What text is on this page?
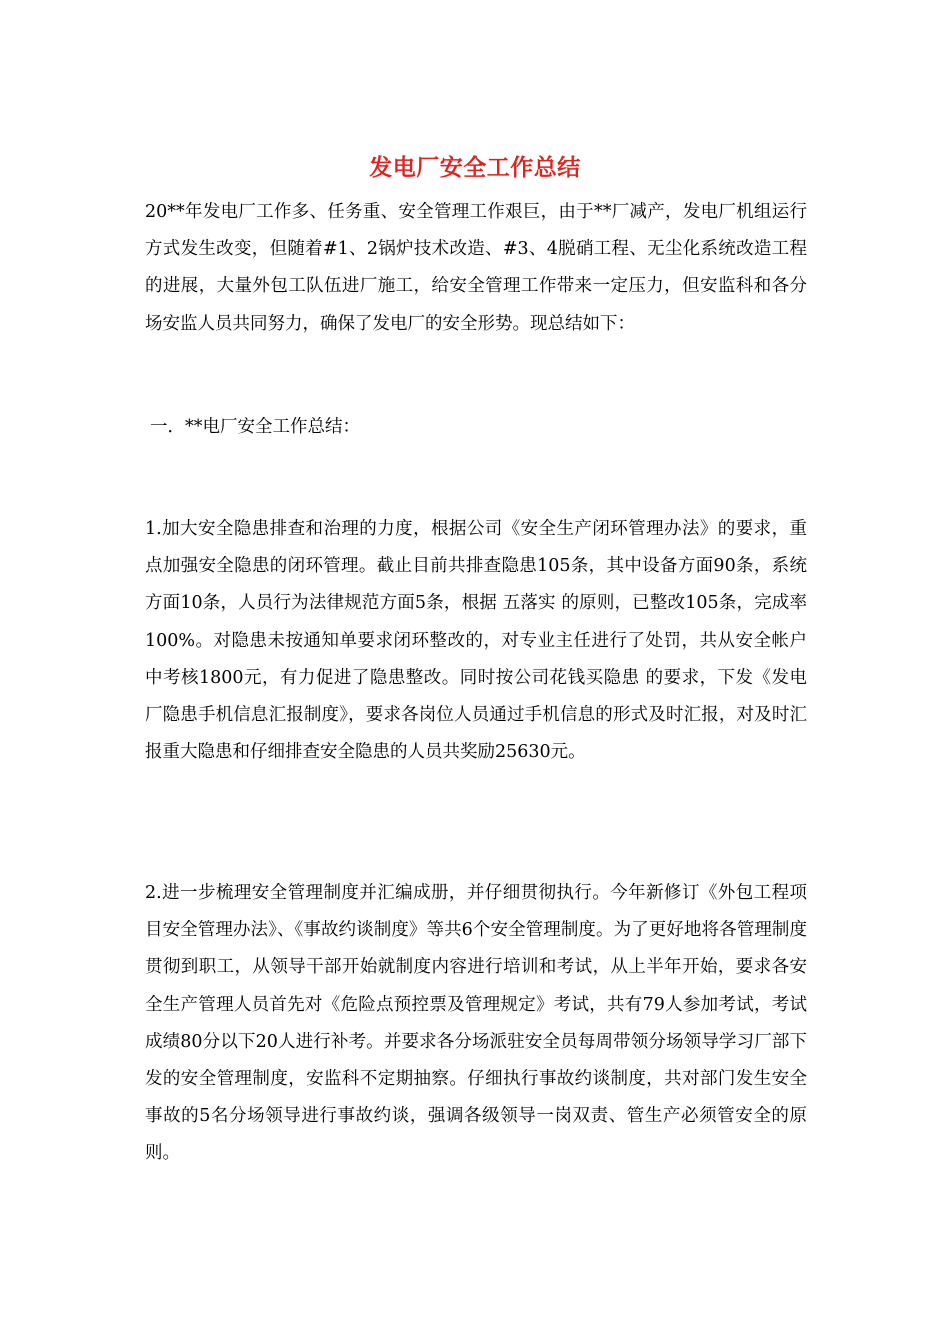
发电厂安全工作总结

20**年发电厂工作多、任务重、安全管理工作艰巨，由于**厂减产，发电厂机组运行方式发生改变，但随着#1、2锅炉技术改造、#3、4脱硝工程、无尘化系统改造工程的进展，大量外包工队伍进厂施工，给安全管理工作带来一定压力，但安监科和各分场安监人员共同努力，确保了发电厂的安全形势。现总结如下：

一．**电厂安全工作总结：

1.加大安全隐患排查和治理的力度，根据公司《安全生产闭环管理办法》的要求，重点加强安全隐患的闭环管理。截止目前共排查隐患105条，其中设备方面90条，系统方面10条，人员行为法律规范方面5条，根据 五落实 的原则，已整改105条，完成率100%。对隐患未按通知单要求闭环整改的，对专业主任进行了处罚，共从安全帐户中考核1800元，有力促进了隐患整改。同时按公司花钱买隐患 的要求，下发《发电厂隐患手机信息汇报制度》，要求各岗位人员通过手机信息的形式及时汇报，对及时汇报重大隐患和仔细排查安全隐患的人员共奖励25630元。

2.进一步梳理安全管理制度并汇编成册，并仔细贯彻执行。今年新修订《外包工程项目安全管理办法》、《事故约谈制度》等共6个安全管理制度。为了更好地将各管理制度贯彻到职工，从领导干部开始就制度内容进行培训和考试，从上半年开始，要求各安全生产管理人员首先对《危险点预控票及管理规定》考试，共有79人参加考试，考试成绩80分以下20人进行补考。并要求各分场派驻安全员每周带领分场领导学习厂部下发的安全管理制度，安监科不定期抽察。仔细执行事故约谈制度，共对部门发生安全事故的5名分场领导进行事故约谈，强调各级领导一岗双责、管生产必须管安全的原则。
